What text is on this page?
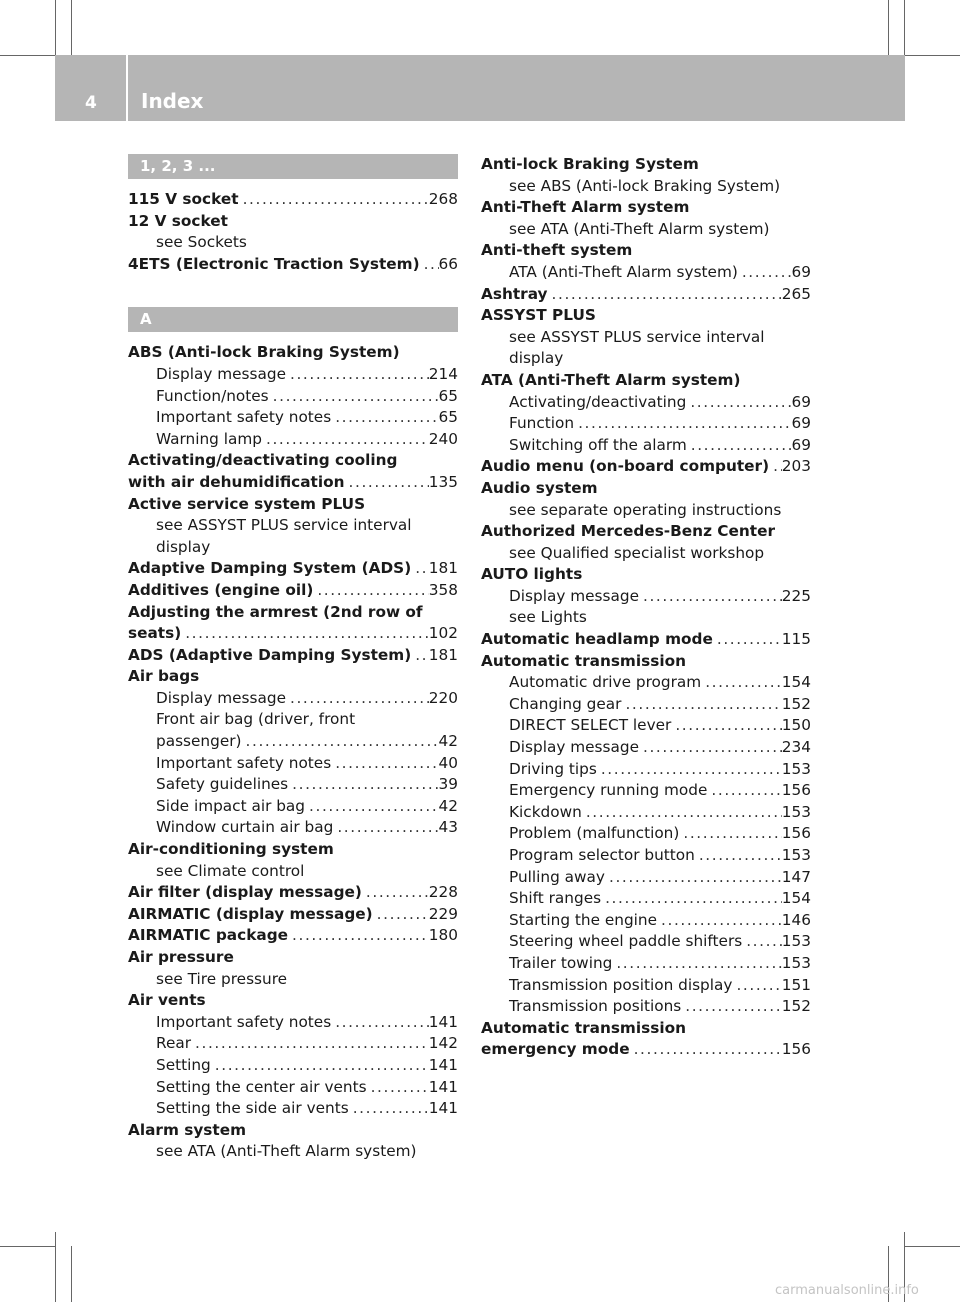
4 Index
1, 2, 3 ...
115 V socket .....	268
12 V socket
see Sockets
4ETS (Electronic Traction System) ..... 66
A
ABS (Anti-lock Braking System)
Display message .....	214
Function/notes .....	65
Important safety notes .....	65
Warning lamp .....	240
Activating/deactivating cooling
with air dehumidification .....	135
Active service system PLUS
see ASSYST PLUS service interval
display
Adaptive Damping System (ADS) ..... 181
Additives (engine oil) .....	358
Adjusting the armrest (2nd row of
seats) .....	102
ADS (Adaptive Damping System) ..... 181
Air bags
Display message .....	220
Front air bag (driver, front
passenger) .....	42
Important safety notes .....	40
Safety guidelines .....	39
Side impact air bag .....	42
Window curtain air bag .....	43
Air-conditioning system
see Climate control
Air filter (display message) .....	228
AIRMATIC (display message) .....	229
AIRMATIC package .....	180
Air pressure
see Tire pressure
Air vents
Important safety notes .....	141
Rear .....	142
Setting .....	141
Setting the center air vents .....	141
Setting the side air vents .....	141
Alarm system
see ATA (Anti-Theft Alarm system)
Anti-lock Braking System
see ABS (Anti-lock Braking System)
Anti-Theft Alarm system
see ATA (Anti-Theft Alarm system)
Anti-theft system
ATA (Anti-Theft Alarm system) .....	69
Ashtray .....	265
ASSYST PLUS
see ASSYST PLUS service interval
display
ATA (Anti-Theft Alarm system)
Activating/deactivating .....	69
Function .....	69
Switching off the alarm .....	69
Audio menu (on-board computer) ..... 203
Audio system
see separate operating instructions
Authorized Mercedes-Benz Center
see Qualified specialist workshop
AUTO lights
Display message .....	225
see Lights
Automatic headlamp mode .....	115
Automatic transmission
Automatic drive program .....	154
Changing gear .....	152
DIRECT SELECT lever .....	150
Display message .....	234
Driving tips .....	153
Emergency running mode .....	156
Kickdown .....	153
Problem (malfunction) .....	156
Program selector button .....	153
Pulling away .....	147
Shift ranges .....	154
Starting the engine .....	146
Steering wheel paddle shifters .....	153
Trailer towing .....	153
Transmission position display .....	151
Transmission positions .....	152
Automatic transmission
emergency mode .....	156
carmanualsonline.info
